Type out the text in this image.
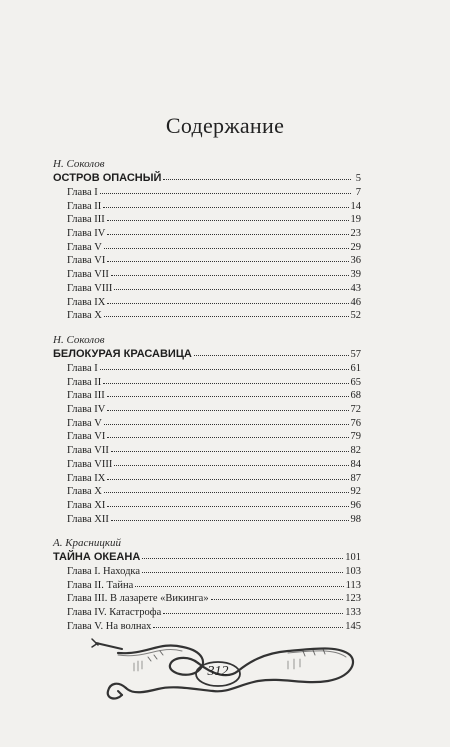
Содержание
Н. Соколов
ОСТРОВ ОПАСНЫЙ	5
Глава I	7
Глава II	14
Глава III	19
Глава IV	23
Глава V	29
Глава VI	36
Глава VII	39
Глава VIII	43
Глава IX	46
Глава X	52
Н. Соколов
БЕЛОКУРАЯ КРАСАВИЦА	57
Глава I	61
Глава II	65
Глава III	68
Глава IV	72
Глава V	76
Глава VI	79
Глава VII	82
Глава VIII	84
Глава IX	87
Глава X	92
Глава XI	96
Глава XII	98
А. Красницкий
ТАЙНА ОКЕАНА	101
Глава I. Находка	103
Глава II. Тайна	113
Глава III. В лазарете «Викинга»	123
Глава IV. Катастрофа	133
Глава V. На волнах	145
312
